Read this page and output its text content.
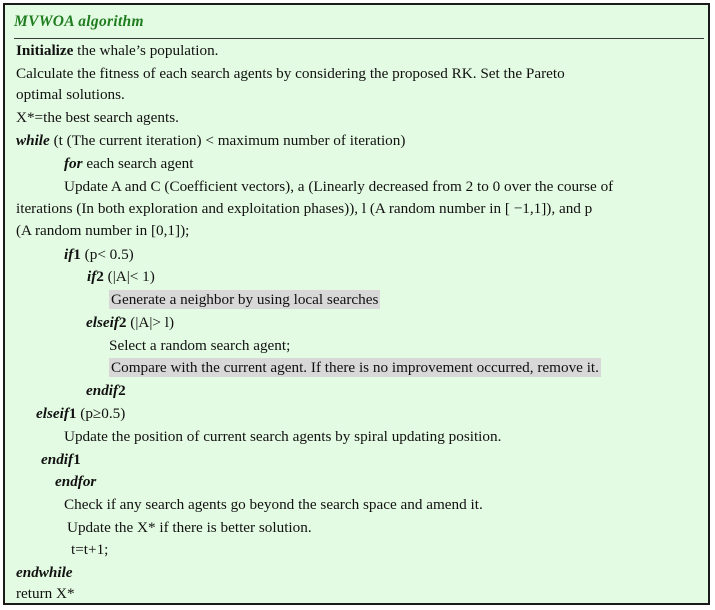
MVWOA algorithm
Initialize the whale’s population.
Calculate the fitness of each search agents by considering the proposed RK. Set the Pareto
optimal solutions.
X*=the best search agents.
while (t (The current iteration) < maximum number of iteration)
for each search agent
Update A and C (Coefficient vectors), a (Linearly decreased from 2 to 0 over the course of
iterations (In both exploration and exploitation phases)), l (A random number in [ −1,1]), and p
(A random number in [0,1]);
if1 (p< 0.5)
if2 (|A|< 1)
Generate a neighbor by using local searches
elseif2 (|A|> l)
Select a random search agent;
Compare with the current agent. If there is no improvement occurred, remove it.
endif2
elseif1 (p≥0.5)
Update the position of current search agents by spiral updating position.
endif1
endfor
Check if any search agents go beyond the search space and amend it.
Update the X* if there is better solution.
t=t+1;
endwhile
return X*
